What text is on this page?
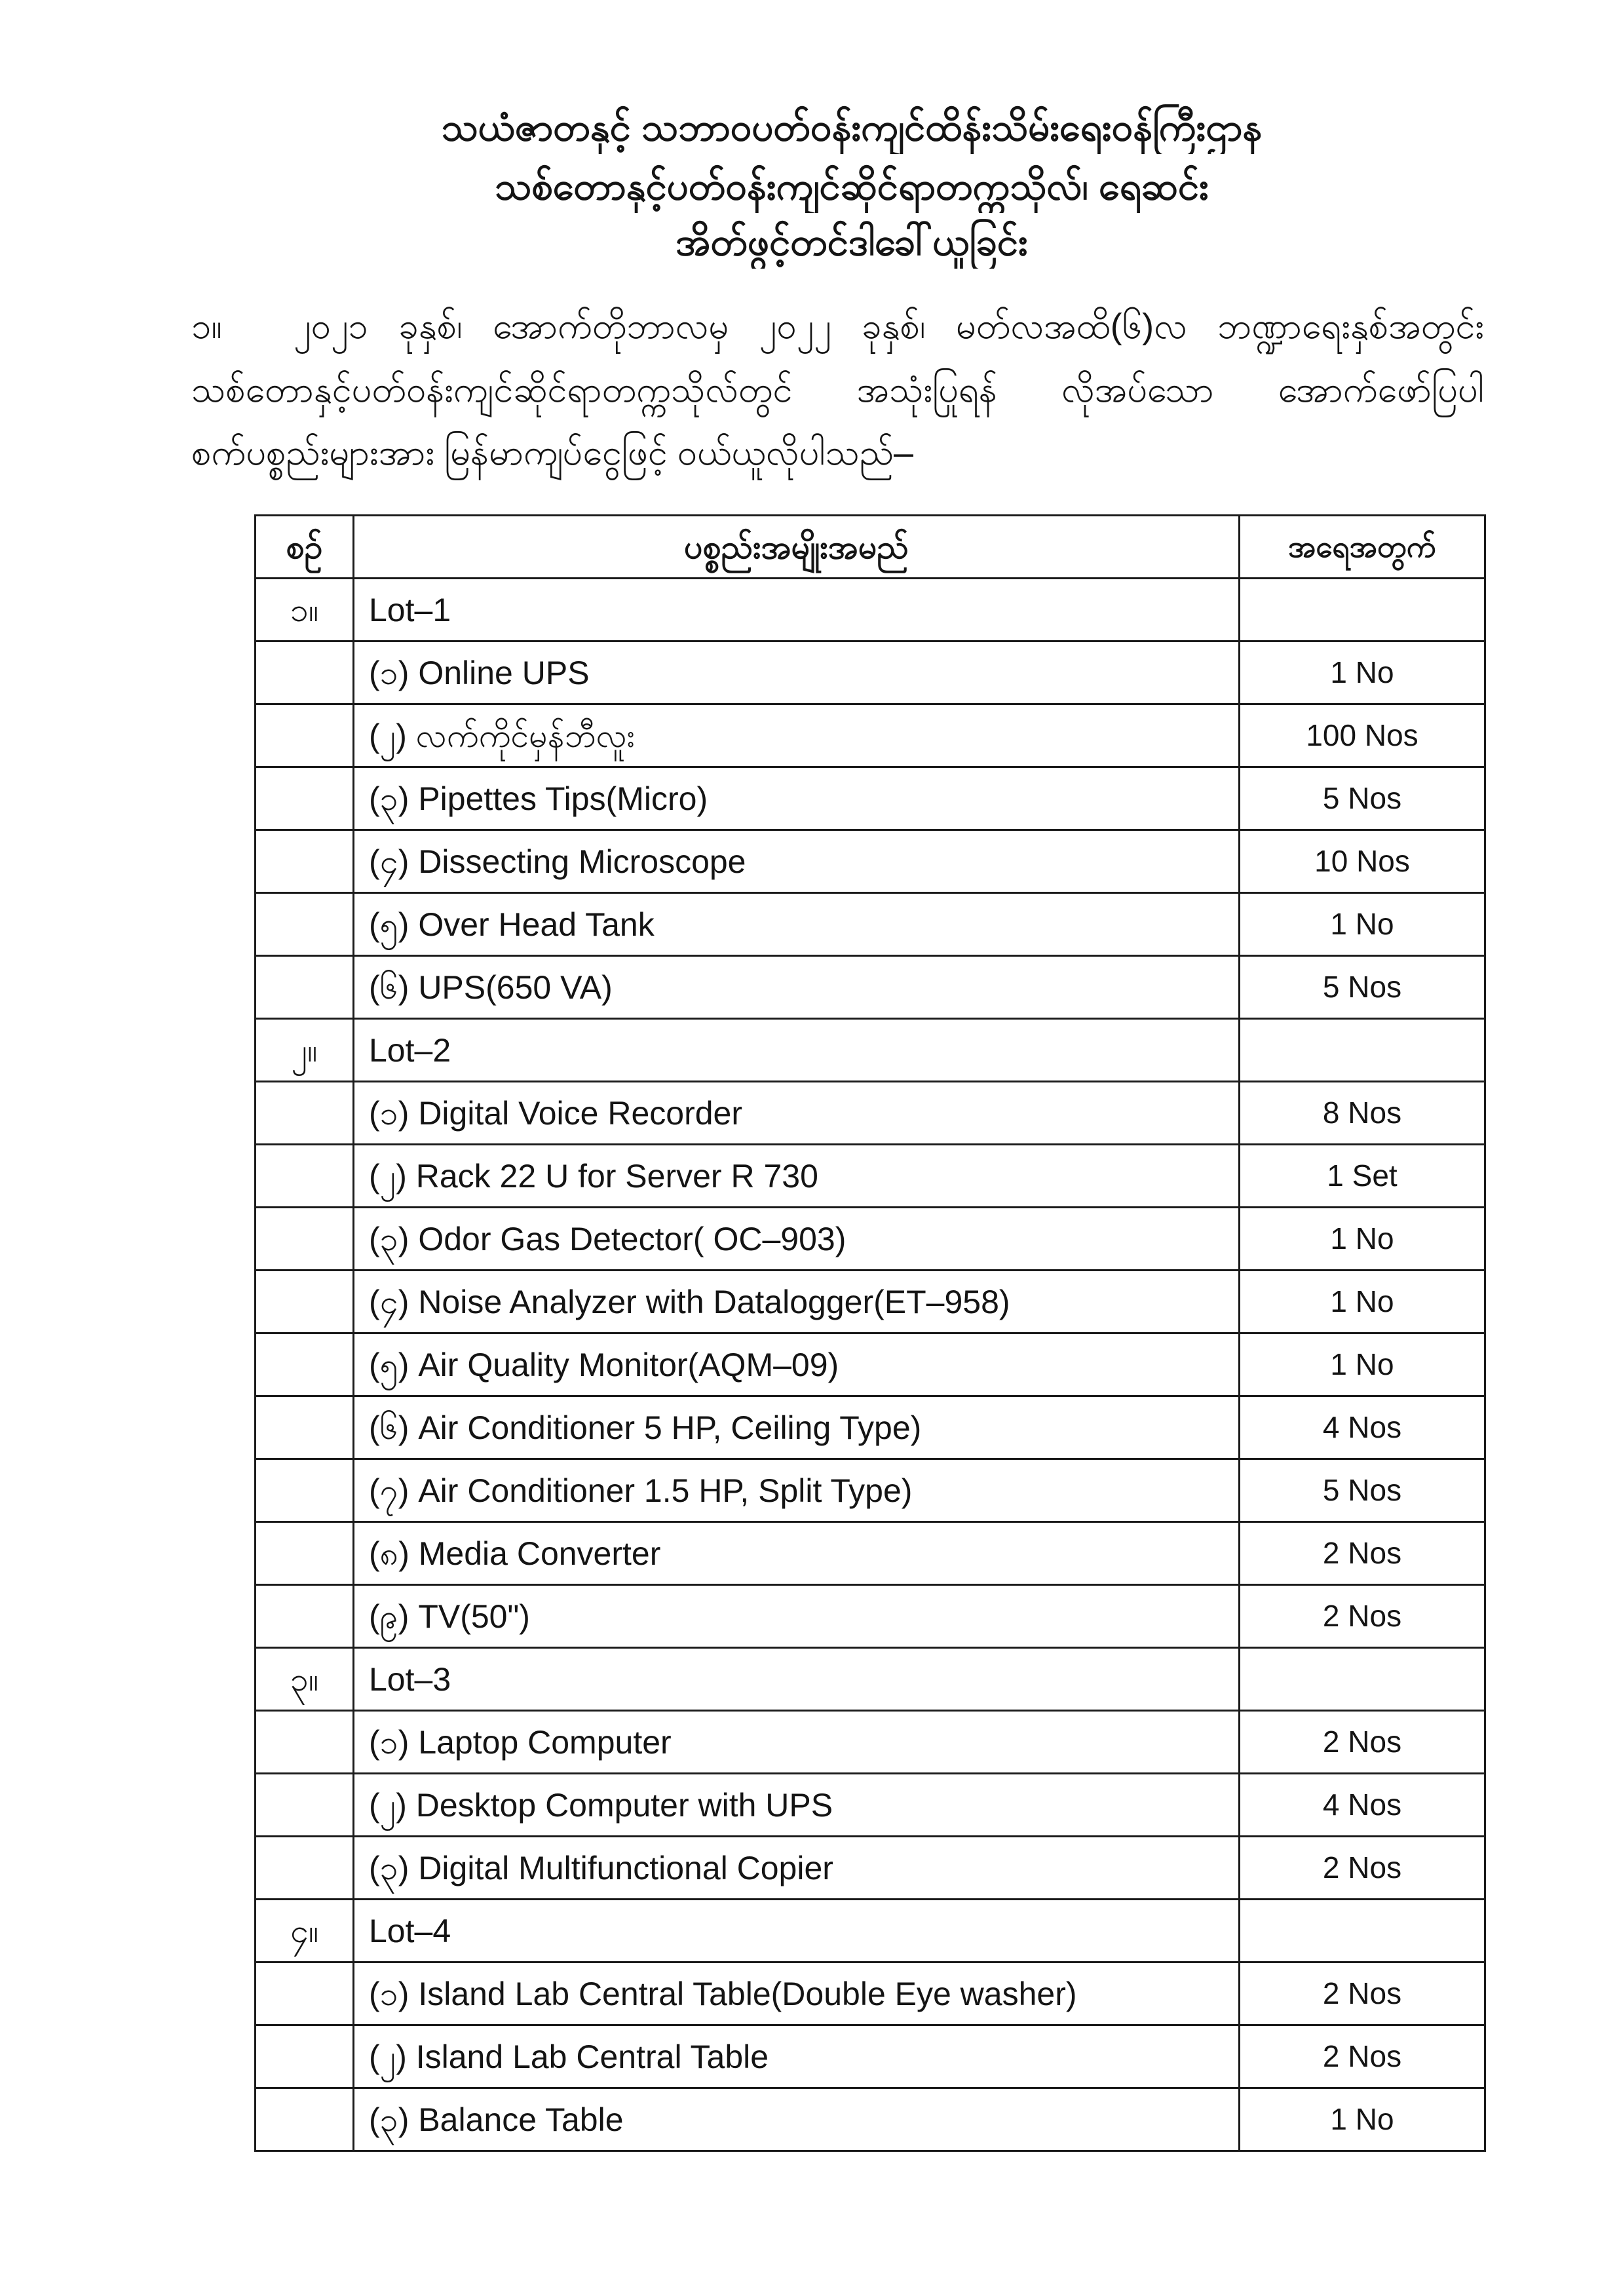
သယံဇာတနှင့် သဘာဝပတ်ဝန်းကျင်ထိန်းသိမ်းရေးဝန်ကြီးဌာန
သစ်တောနှင့်ပတ်ဝန်းကျင်ဆိုင်ရာတက္ကသိုလ်၊ ရေဆင်း
အိတ်ဖွင့်တင်ဒါခေါ်ယူခြင်း
၁။	၂၀၂၁ ခုနှစ်၊ အောက်တိုဘာလမှ ၂၀၂၂ ခုနှစ်၊ မတ်လအထိ(၆)လ ဘဏ္ဍာရေးနှစ်အတွင်း
သစ်တောနှင့်ပတ်ဝန်းကျင်ဆိုင်ရာတက္ကသိုလ်တွင် အသုံးပြုရန် လိုအပ်သော အောက်ဖော်ပြပါ
စက်ပစ္စည်းများအား မြန်မာကျပ်ငွေဖြင့် ဝယ်ယူလိုပါသည်–
စဉ်	ပစ္စည်းအမျိုးအမည်	အရေအတွက်
၁။	Lot–1	
	(၁) Online UPS	1 No
	(၂) လက်ကိုင်မှန်ဘီလူး	100 Nos
	(၃) Pipettes Tips(Micro)	5 Nos
	(၄) Dissecting Microscope	10 Nos
	(၅) Over Head Tank	1 No
	(၆) UPS(650 VA)	5 Nos
၂။	Lot–2	
	(၁) Digital Voice Recorder	8 Nos
	(၂) Rack 22 U for Server R 730	1 Set
	(၃) Odor Gas Detector( OC–903)	1 No
	(၄) Noise Analyzer with Datalogger(ET–958)	1 No
	(၅) Air Quality Monitor(AQM–09)	1 No
	(၆) Air Conditioner 5 HP, Ceiling Type)	4 Nos
	(၇) Air Conditioner 1.5 HP, Split Type)	5 Nos
	(၈) Media Converter	2 Nos
	(၉) TV(50")	2 Nos
၃။	Lot–3	
	(၁) Laptop Computer	2 Nos
	(၂) Desktop Computer with UPS	4 Nos
	(၃) Digital Multifunctional Copier	2 Nos
၄။	Lot–4	
	(၁) Island Lab Central Table(Double Eye washer)	2 Nos
	(၂) Island Lab Central Table	2 Nos
	(၃) Balance Table	1 No
